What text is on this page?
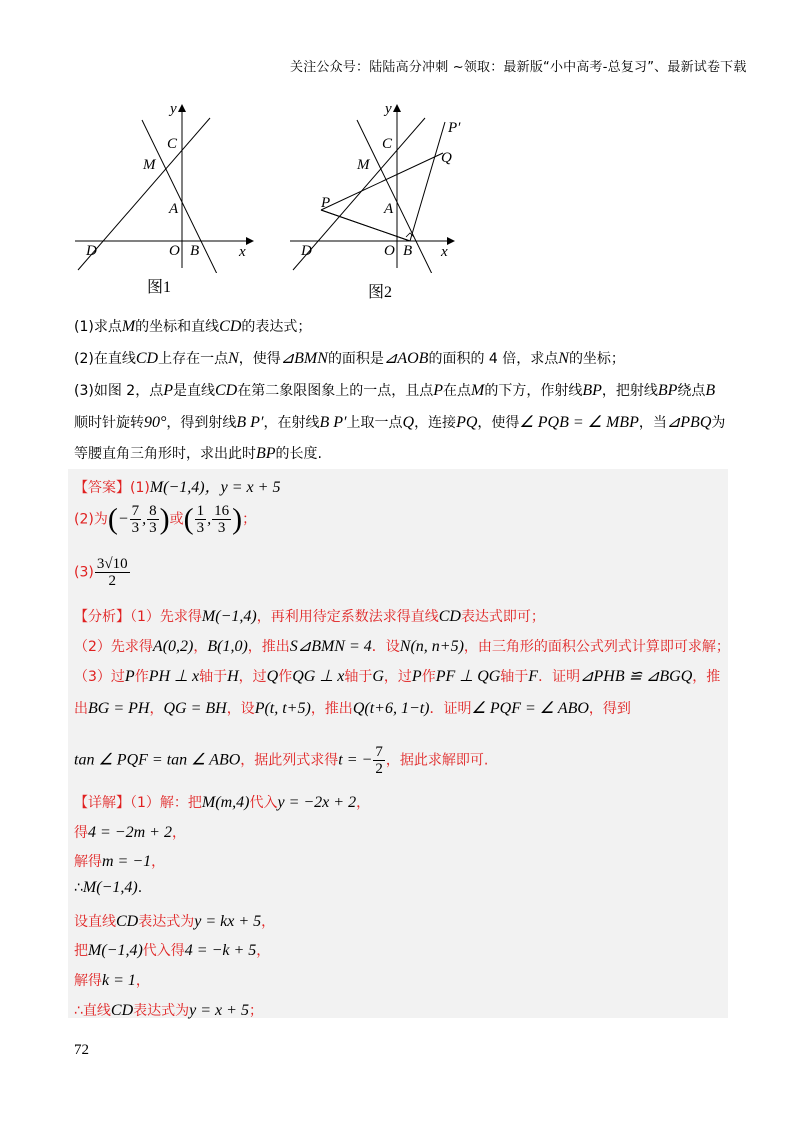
关注公众号：陆陆高分冲刺 ~领取：最新版“小中高考-总复习”、最新试卷下载
y
x
C
M
A
D	O B
图1
y
x
C
M
A
D	O B
P
Q
P′
图2
(1)求点M的坐标和直线CD的表达式；
(2)在直线CD上存在一点N，使得⊿BMN的面积是⊿AOB的面积的 4 倍，求点N的坐标；
(3)如图 2，点P是直线CD在第二象限图象上的一点，且点P在点M的下方，作射线BP，把射线BP绕点B
顺时针旋转90°，得到射线B P′，在射线B P′上取一点Q，连接PQ，使得∠ PQB = ∠ MBP，当⊿PBQ为
等腰直角三角形时，求出此时BP的长度.
【答案】(1)M(−1,4)，y = x + 5
(2)为(− $\frac{7}{3}$ , $\frac{8}{3}$ )或( $\frac{1}{3}$ , $\frac{16}{3}$ )；
$(3) \frac{3√10}{2}$
【分析】（1）先求得M(−1,4)，再利用待定系数法求得直线CD表达式即可；
（2）先求得A(0,2)，B(1,0)，推出S⊿BMN = 4．设N(n, n+5)，由三角形的面积公式列式计算即可求解；
（3）过P作PH ⊥ x轴于H，过Q作QG ⊥ x轴于G，过P作PF ⊥ QG轴于F．证明⊿PHB ≌ ⊿BGQ，推
出BG = PH，QG = BH，设P(t, t+5)，推出Q(t+6, 1−t)．证明∠ PQF = ∠ ABO，得到
tan ∠ PQF = tan ∠ ABO，据此列式求得t = − $\frac{7}{2}$ ，据此求解即可.
【详解】（1）解：把M(m,4)代入y = −2x + 2，
得4 = −2m + 2，
解得m = −1，
∴M(−1,4).
设直线CD表达式为y = kx + 5，
把M(−1,4)代入得4 = −k + 5，
解得k = 1，
∴直线CD表达式为y = x + 5；
72
